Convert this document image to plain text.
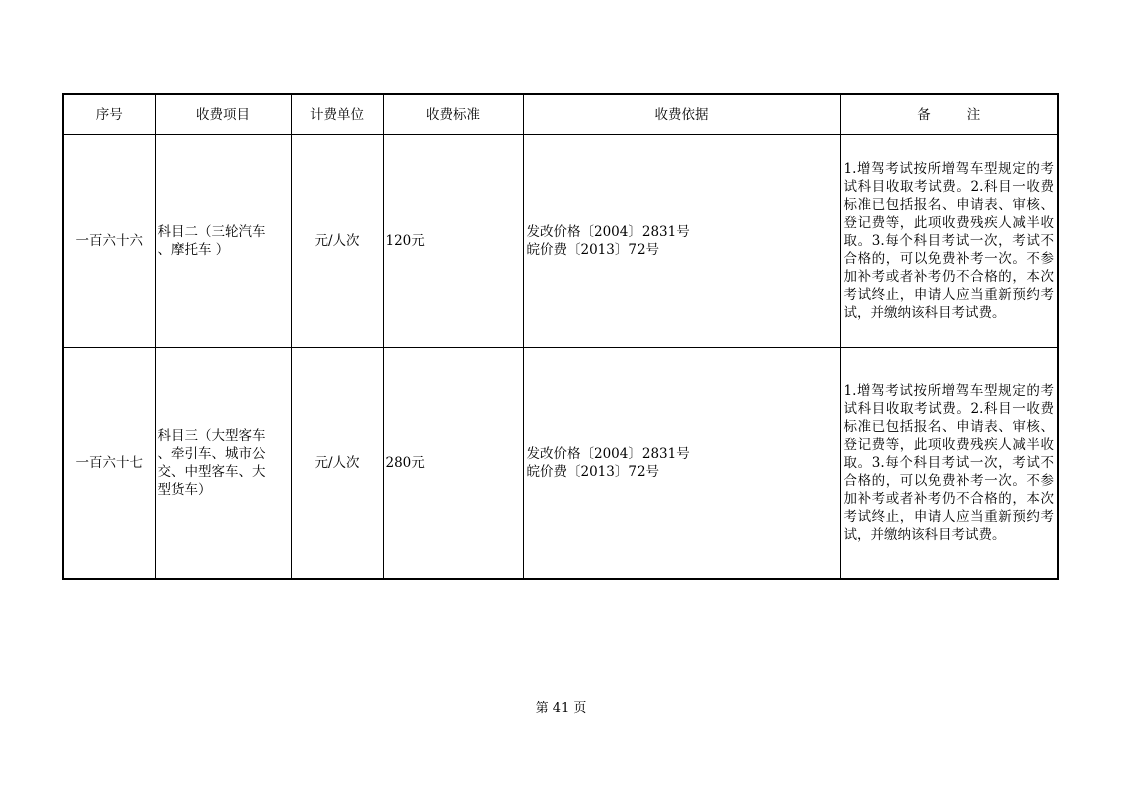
序号	收费项目	计费单位	收费标准	收费依据	备 注
一百六十六	科目二（三轮汽车
、摩托车 ）	元/人次	120元	发改价格〔2004〕2831号
皖价费〔2013〕72号	1.增驾考试按所增驾车型规定的考试科目收取考试费。2.科目一收费标准已包括报名、申请表、审核、登记费等，此项收费残疾人减半收取。3.每个科目考试一次，考试不合格的，可以免费补考一次。不参加补考或者补考仍不合格的，本次考试终止，申请人应当重新预约考试，并缴纳该科目考试费。
一百六十七	科目三（大型客车
、牵引车、城市公
交、中型客车、大
型货车）	元/人次	280元	发改价格〔2004〕2831号
皖价费〔2013〕72号	1.增驾考试按所增驾车型规定的考试科目收取考试费。2.科目一收费标准已包括报名、申请表、审核、登记费等，此项收费残疾人减半收取。3.每个科目考试一次，考试不合格的，可以免费补考一次。不参加补考或者补考仍不合格的，本次考试终止，申请人应当重新预约考试，并缴纳该科目考试费。
第 41 页
